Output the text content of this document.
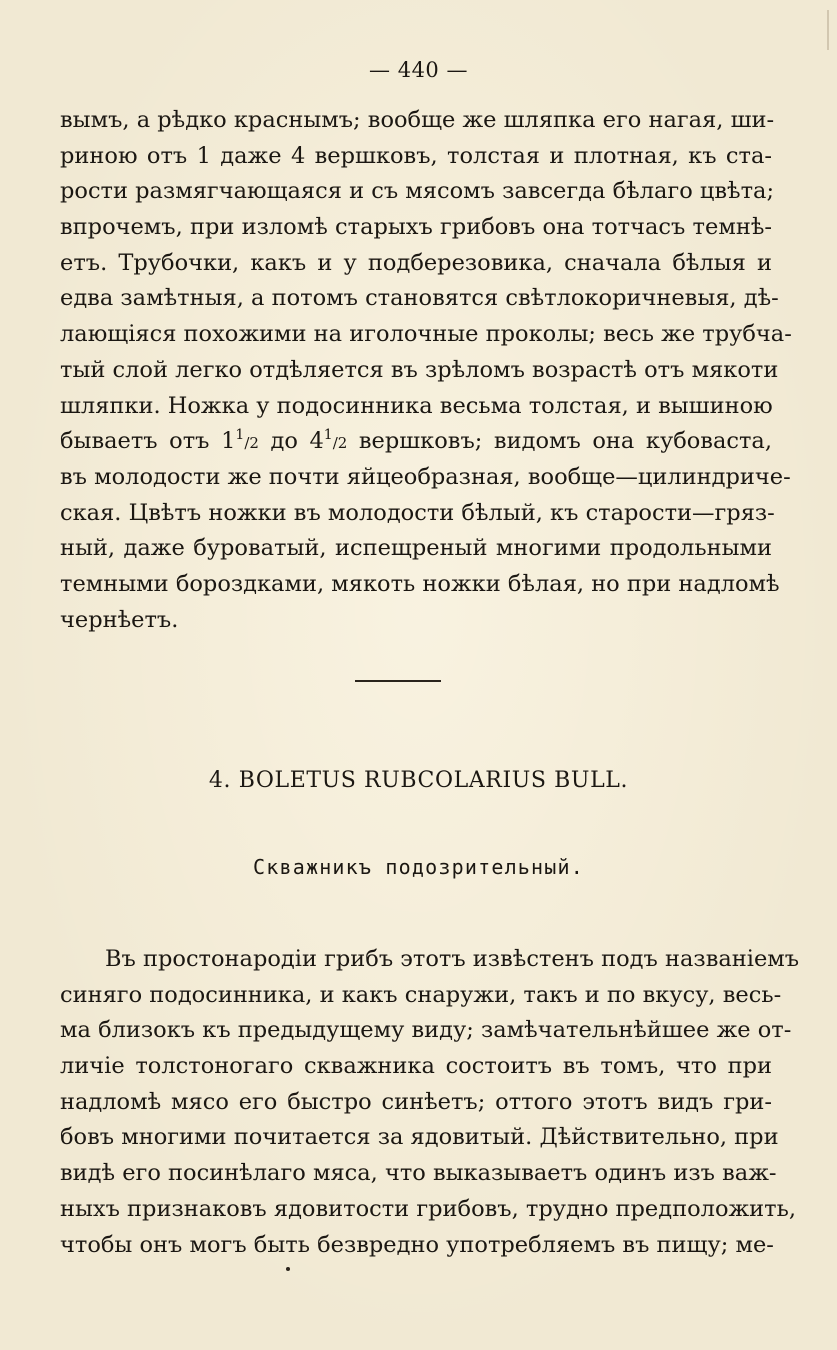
— 440 —
вымъ, а рѣдко краснымъ; вообще же шляпка его нагая, ши-
риною отъ 1 даже 4 вершковъ, толстая и плотная, къ ста-
рости размягчающаяся и съ мясомъ завсегда бѣлаго цвѣта;
впрочемъ, при изломѣ старыхъ грибовъ она тотчасъ темнѣ-
етъ. Трубочки, какъ и у подберезовика, сначала бѣлыя и
едва замѣтныя, а потомъ становятся свѣтлокоричневыя, дѣ-
лающіяся похожими на иголочные проколы; весь же трубча-
тый слой легко отдѣляется въ зрѣломъ возрастѣ отъ мякоти
шляпки. Ножка у подосинника весьма толстая, и вышиною
бываетъ отъ $1^1/2$ до $4^1/2$ вершковъ; видомъ она кубоваста,
въ молодости же почти яйцеобразная, вообще—цилиндриче-
ская. Цвѣтъ ножки въ молодости бѣлый, къ старости—гряз-
ный, даже буроватый, испещреный многими продольными
темными бороздками, мякоть ножки бѣлая, но при надломѣ
чернѣетъ.
4. BOLETUS RUBCOLARIUS BULL.
Скважникъ подозрительный.
Въ простонародіи грибъ этотъ извѣстенъ подъ названіемъ
синяго подосинника, и какъ снаружи, такъ и по вкусу, весь-
ма близокъ къ предыдущему виду; замѣчательнѣйшее же от-
личіе толстоногаго скважника состоитъ въ томъ, что при
надломѣ мясо его быстро синѣетъ; оттого этотъ видъ гри-
бовъ многими почитается за ядовитый. Дѣйствительно, при
видѣ его посинѣлаго мяса, что выказываетъ одинъ изъ важ-
ныхъ признаковъ ядовитости грибовъ, трудно предположить,
чтобы онъ могъ быть безвредно употребляемъ въ пищу; ме-
